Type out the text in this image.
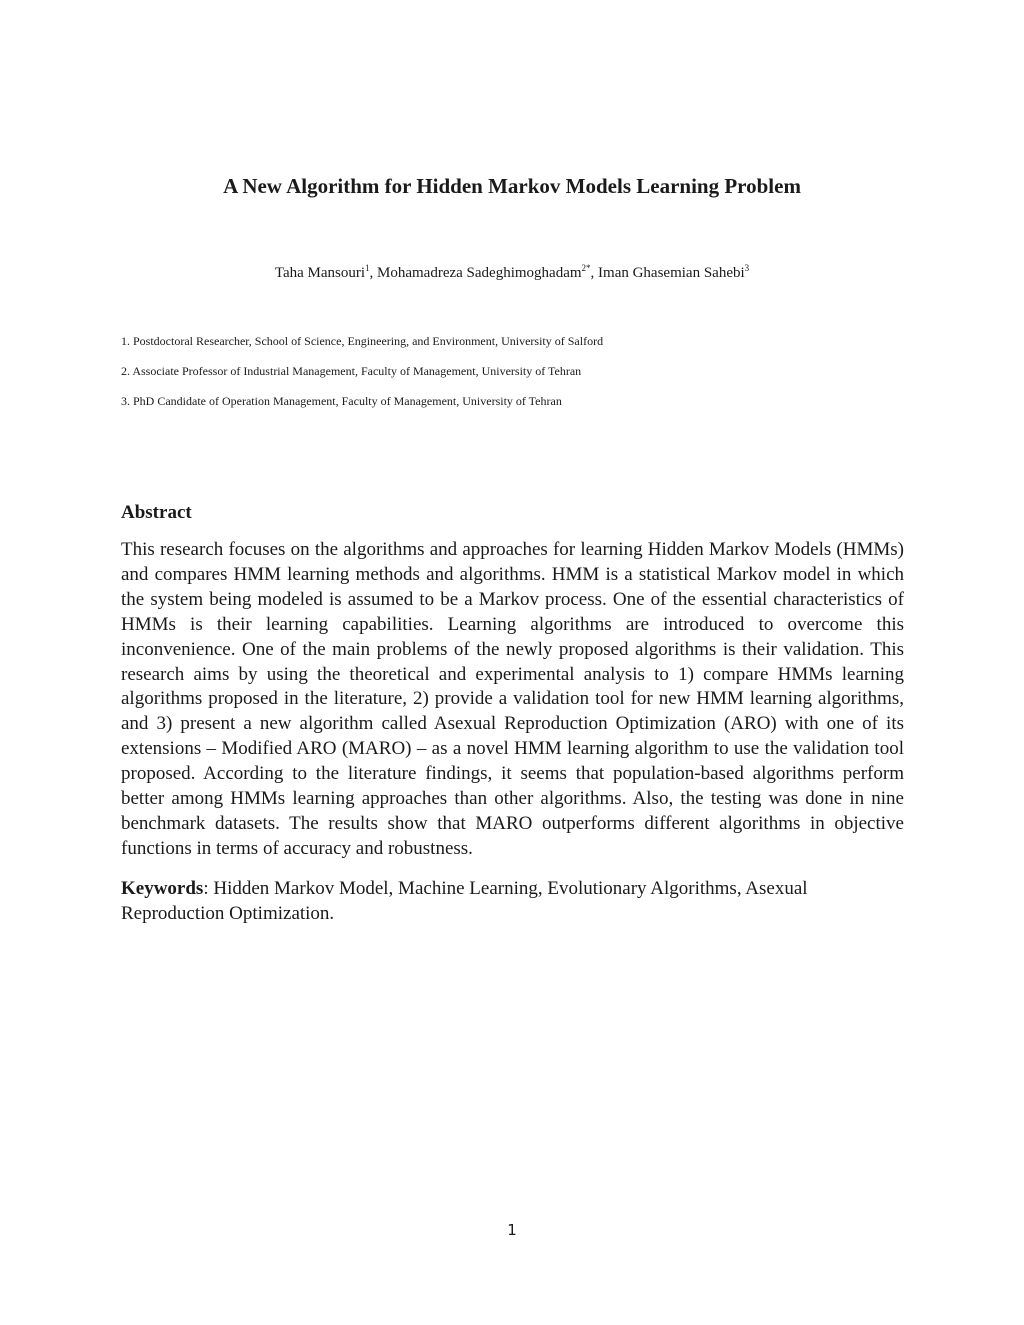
A New Algorithm for Hidden Markov Models Learning Problem

Taha Mansouri$^1$, Mohamadreza Sadeghimoghadam$^{2*}$, Iman Ghasemian Sahebi$^3$

1. Postdoctoral Researcher, School of Science, Engineering, and Environment, University of Salford

2. Associate Professor of Industrial Management, Faculty of Management, University of Tehran

3. PhD Candidate of Operation Management, Faculty of Management, University of Tehran

Abstract

This research focuses on the algorithms and approaches for learning Hidden Markov Models (HMMs) and compares HMM learning methods and algorithms. HMM is a statistical Markov model in which the system being modeled is assumed to be a Markov process. One of the essential characteristics of HMMs is their learning capabilities. Learning algorithms are introduced to overcome this inconvenience. One of the main problems of the newly proposed algorithms is their validation. This research aims by using the theoretical and experimental analysis to 1) compare HMMs learning algorithms proposed in the literature, 2) provide a validation tool for new HMM learning algorithms, and 3) present a new algorithm called Asexual Reproduction Optimization (ARO) with one of its extensions – Modified ARO (MARO) – as a novel HMM learning algorithm to use the validation tool proposed. According to the literature findings, it seems that population-based algorithms perform better among HMMs learning approaches than other algorithms. Also, the testing was done in nine benchmark datasets. The results show that MARO outperforms different algorithms in objective functions in terms of accuracy and robustness.

Keywords: Hidden Markov Model, Machine Learning, Evolutionary Algorithms, Asexual Reproduction Optimization.

1
